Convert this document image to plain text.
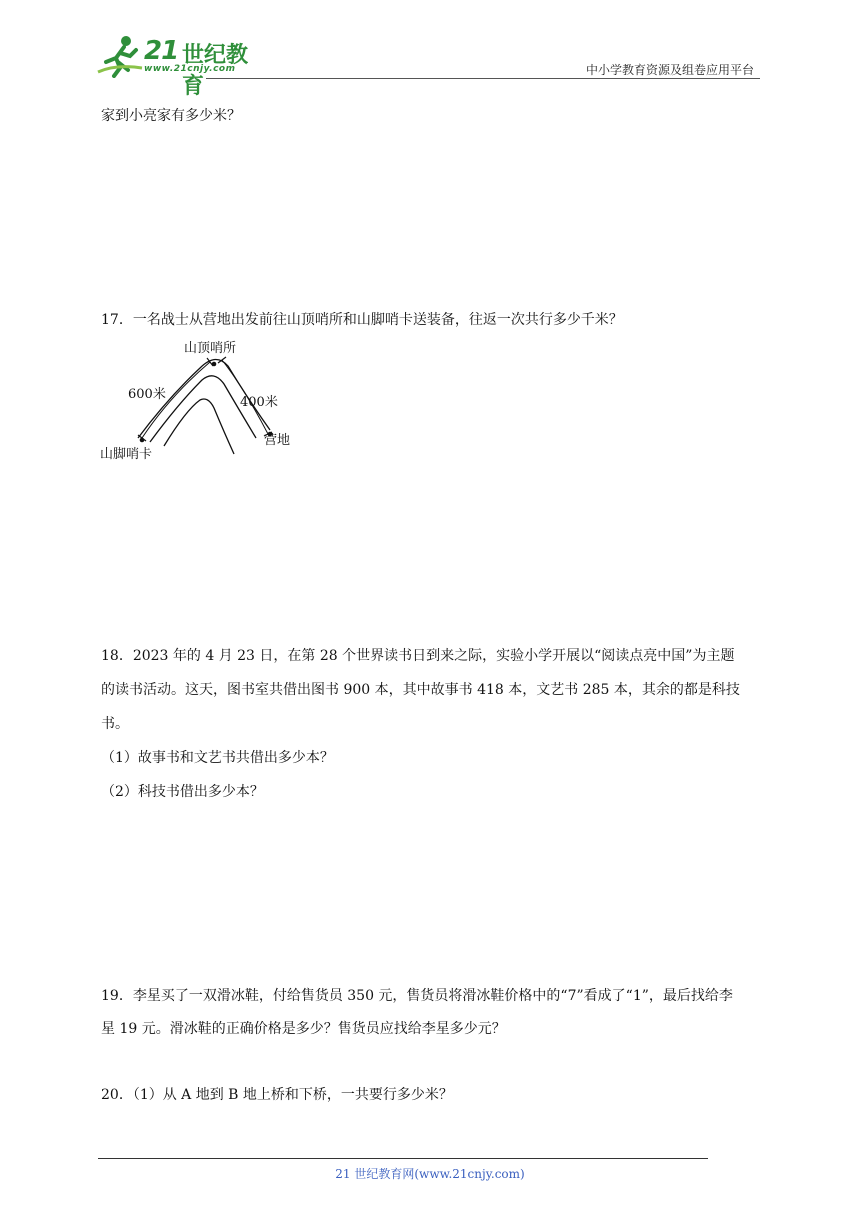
21 世纪教育
www.21cnjy.com	中小学教育资源及组卷应用平台
家到小亮家有多少米？
17．一名战士从营地出发前往山顶哨所和山脚哨卡送装备，往返一次共行多少千米？
山顶哨所
600米
400米
山脚哨卡
营地
18．2023 年的 4 月 23 日，在第 28 个世界读书日到来之际，实验小学开展以“阅读点亮中国”为主题
的读书活动。这天，图书室共借出图书 900 本，其中故事书 418 本，文艺书 285 本，其余的都是科技
书。
（1）故事书和文艺书共借出多少本？
（2）科技书借出多少本？
19．李星买了一双滑冰鞋，付给售货员 350 元，售货员将滑冰鞋价格中的“7”看成了“1”，最后找给李
星 19 元。滑冰鞋的正确价格是多少？售货员应找给李星多少元？
20．（1）从 A 地到 B 地上桥和下桥，一共要行多少米？
21 世纪教育网(www.21cnjy.com)
